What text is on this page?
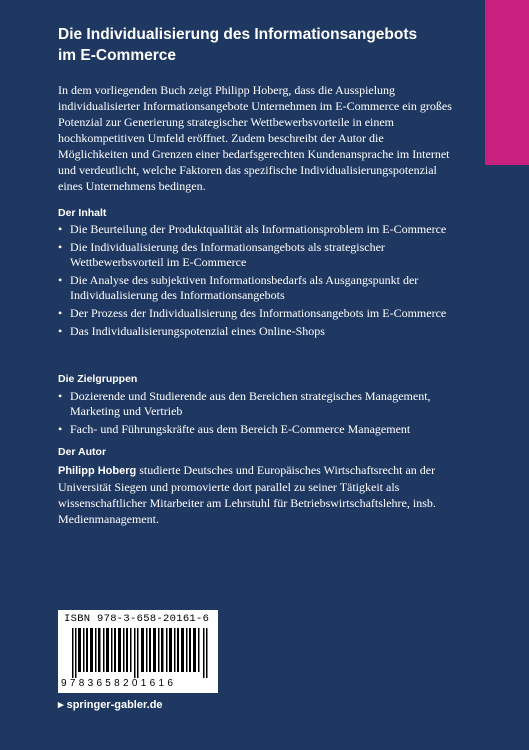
Die Individualisierung des Informationsangebots
im E-Commerce

In dem vorliegenden Buch zeigt Philipp Hoberg, dass die Ausspielung individualisierter Informationsangebote Unternehmen im E-Commerce ein großes Potenzial zur Generierung strategischer Wettbewerbsvorteile in einem hochkompetitiven Umfeld eröffnet. Zudem beschreibt der Autor die Möglichkeiten und Grenzen einer bedarfsgerechten Kundenansprache im Internet und verdeutlicht, welche Faktoren das spezifische Individualisierungspotenzial eines Unternehmens bedingen.

Der Inhalt
• Die Beurteilung der Produktqualität als Informationsproblem im E-Commerce
• Die Individualisierung des Informationsangebots als strategischer Wettbewerbsvorteil im E-Commerce
• Die Analyse des subjektiven Informationsbedarfs als Ausgangspunkt der Individualisierung des Informationsangebots
• Der Prozess der Individualisierung des Informationsangebots im E-Commerce
• Das Individualisierungspotenzial eines Online-Shops
Die Zielgruppen
• Dozierende und Studierende aus den Bereichen strategisches Management, Marketing und Vertrieb
• Fach- und Führungskräfte aus dem Bereich E-Commerce Management
Der Autor

Philipp Hoberg studierte Deutsches und Europäisches Wirtschaftsrecht an der Universität Siegen und promovierte dort parallel zu seiner Tätigkeit als wissenschaftlicher Mitarbeiter am Lehrstuhl für Betriebswirtschaftslehre, insb. Medienmanagement.

ISBN 978-3-658-20161-6
9783658201616
▸ springer-gabler.de
